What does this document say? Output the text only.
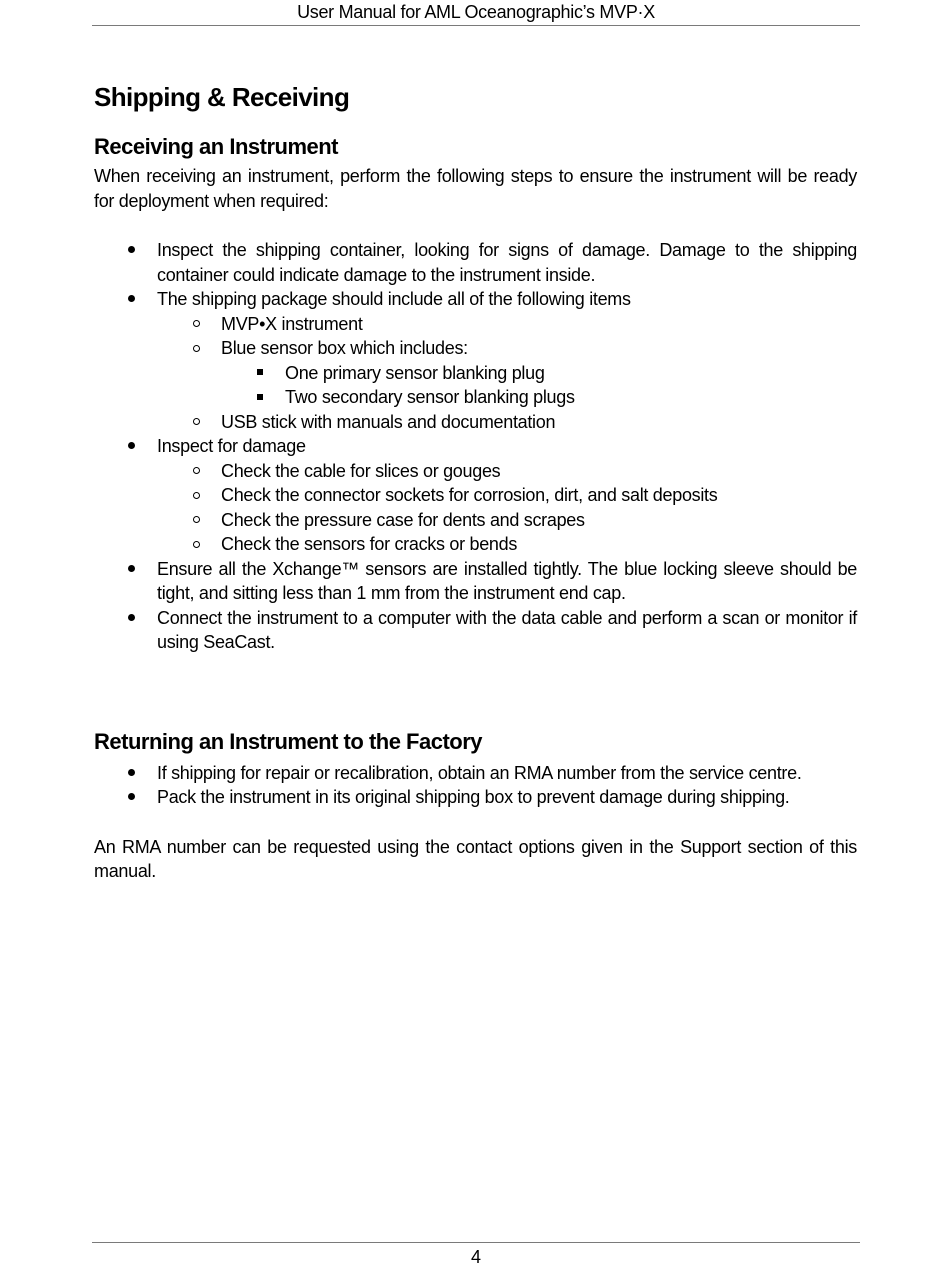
User Manual for AML Oceanographic’s MVP·X
Shipping & Receiving
Receiving an Instrument

When receiving an instrument, perform the following steps to ensure the instrument will be ready for deployment when required:

Inspect the shipping container, looking for signs of damage. Damage to the shipping container could indicate damage to the instrument inside.
The shipping package should include all of the following items
MVP•X instrument
Blue sensor box which includes:
One primary sensor blanking plug
Two secondary sensor blanking plugs
USB stick with manuals and documentation
Inspect for damage
Check the cable for slices or gouges
Check the connector sockets for corrosion, dirt, and salt deposits
Check the pressure case for dents and scrapes
Check the sensors for cracks or bends
Ensure all the Xchange™ sensors are installed tightly. The blue locking sleeve should be tight, and sitting less than 1 mm from the instrument end cap.
Connect the instrument to a computer with the data cable and perform a scan or monitor if using SeaCast.
Returning an Instrument to the Factory
If shipping for repair or recalibration, obtain an RMA number from the service centre.
Pack the instrument in its original shipping box to prevent damage during shipping.

An RMA number can be requested using the contact options given in the Support section of this manual.

4
